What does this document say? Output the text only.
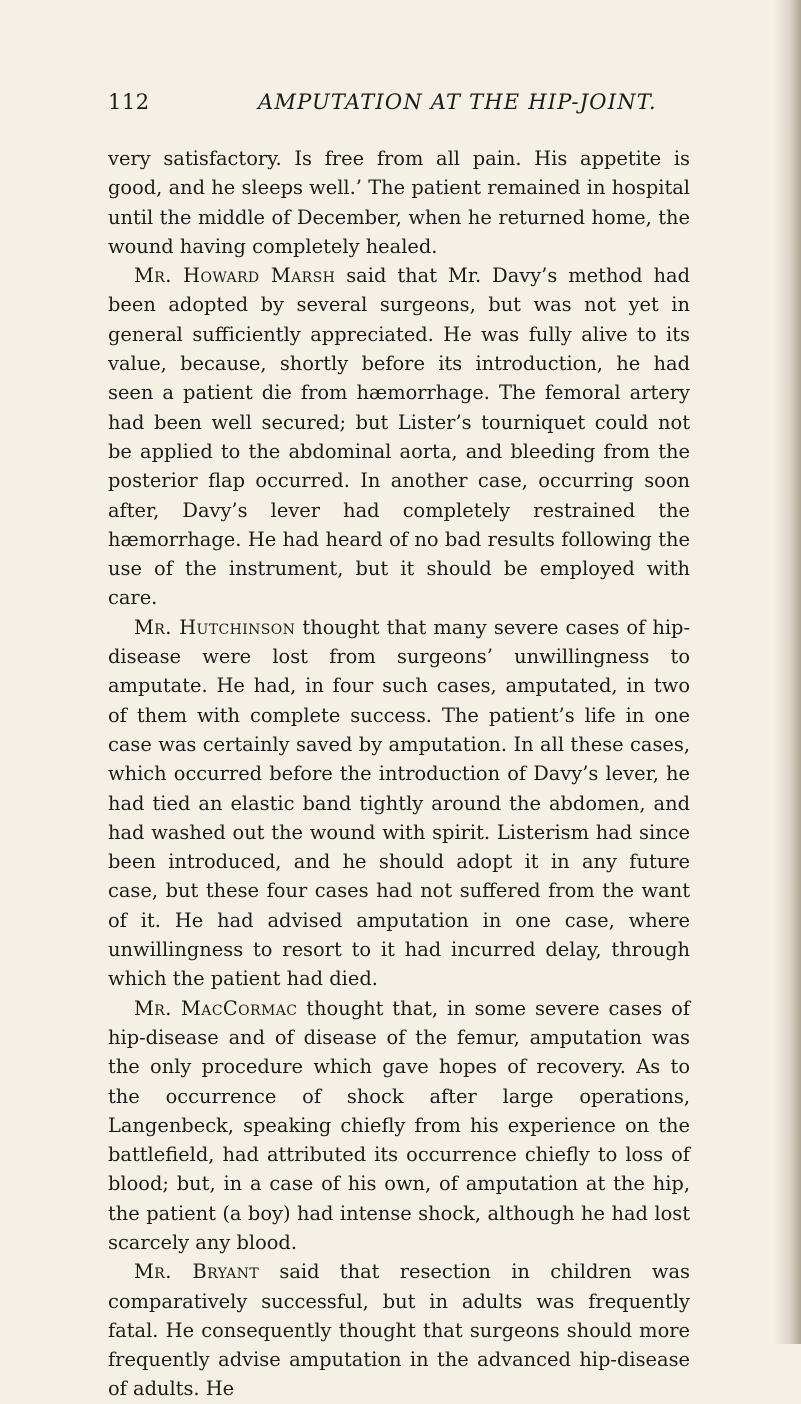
112	AMPUTATION AT THE HIP-JOINT.

very satisfactory. Is free from all pain. His appetite is good, and he sleeps well.’ The patient remained in hospital until the middle of December, when he returned home, the wound having completely healed.

Mr. Howard Marsh said that Mr. Davy’s method had been adopted by several surgeons, but was not yet in general sufficiently appreciated. He was fully alive to its value, because, shortly before its introduction, he had seen a patient die from hæmorrhage. The femoral artery had been well secured; but Lister’s tourniquet could not be applied to the abdominal aorta, and bleeding from the posterior flap occurred. In another case, occurring soon after, Davy’s lever had completely restrained the hæmorrhage. He had heard of no bad results following the use of the instrument, but it should be employed with care.

Mr. Hutchinson thought that many severe cases of hip-disease were lost from surgeons’ unwillingness to amputate. He had, in four such cases, amputated, in two of them with complete success. The patient’s life in one case was certainly saved by amputation. In all these cases, which occurred before the introduction of Davy’s lever, he had tied an elastic band tightly around the abdomen, and had washed out the wound with spirit. Listerism had since been introduced, and he should adopt it in any future case, but these four cases had not suffered from the want of it. He had advised amputation in one case, where unwillingness to resort to it had incurred delay, through which the patient had died.

Mr. MacCormac thought that, in some severe cases of hip-disease and of disease of the femur, amputation was the only procedure which gave hopes of recovery. As to the occurrence of shock after large operations, Langenbeck, speaking chiefly from his experience on the battlefield, had attributed its occurrence chiefly to loss of blood; but, in a case of his own, of amputation at the hip, the patient (a boy) had intense shock, although he had lost scarcely any blood.

Mr. Bryant said that resection in children was comparatively successful, but in adults was frequently fatal. He consequently thought that surgeons should more frequently advise amputation in the advanced hip-disease of adults. He
